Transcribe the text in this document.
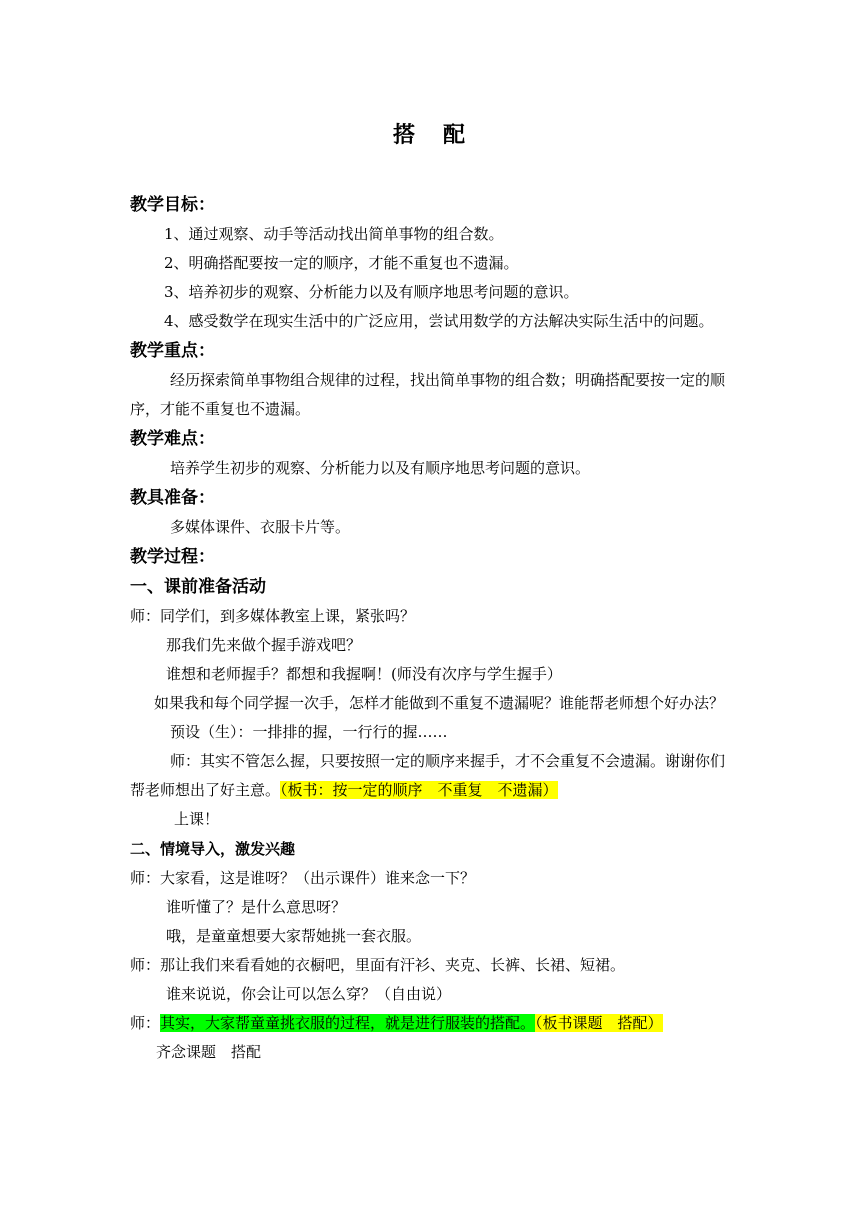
搭 配
教学目标：
1、通过观察、动手等活动找出简单事物的组合数。
2、明确搭配要按一定的顺序，才能不重复也不遗漏。
3、培养初步的观察、分析能力以及有顺序地思考问题的意识。
4、感受数学在现实生活中的广泛应用，尝试用数学的方法解决实际生活中的问题。
教学重点：
经历探索简单事物组合规律的过程，找出简单事物的组合数；明确搭配要按一定的顺序，才能不重复也不遗漏。
教学难点：
培养学生初步的观察、分析能力以及有顺序地思考问题的意识。
教具准备：
多媒体课件、衣服卡片等。
教学过程：
一、课前准备活动
师：同学们，到多媒体教室上课，紧张吗？
那我们先来做个握手游戏吧？
谁想和老师握手？都想和我握啊！(师没有次序与学生握手）
如果我和每个同学握一次手，怎样才能做到不重复不遗漏呢？谁能帮老师想个好办法？
预设（生）：一排排的握，一行行的握……
师：其实不管怎么握，只要按照一定的顺序来握手，才不会重复不会遗漏。谢谢你们帮老师想出了好主意。（板书：按一定的顺序　不重复　不遗漏）
上课！
二、情境导入，激发兴趣
师：大家看，这是谁呀？（出示课件）谁来念一下？
谁听懂了？是什么意思呀？
哦，是童童想要大家帮她挑一套衣服。
师：那让我们来看看她的衣橱吧，里面有汗衫、夹克、长裤、长裙、短裙。
谁来说说，你会让可以怎么穿？（自由说）
师：其实，大家帮童童挑衣服的过程，就是进行服装的搭配。（板书课题　搭配）
齐念课题　搭配
